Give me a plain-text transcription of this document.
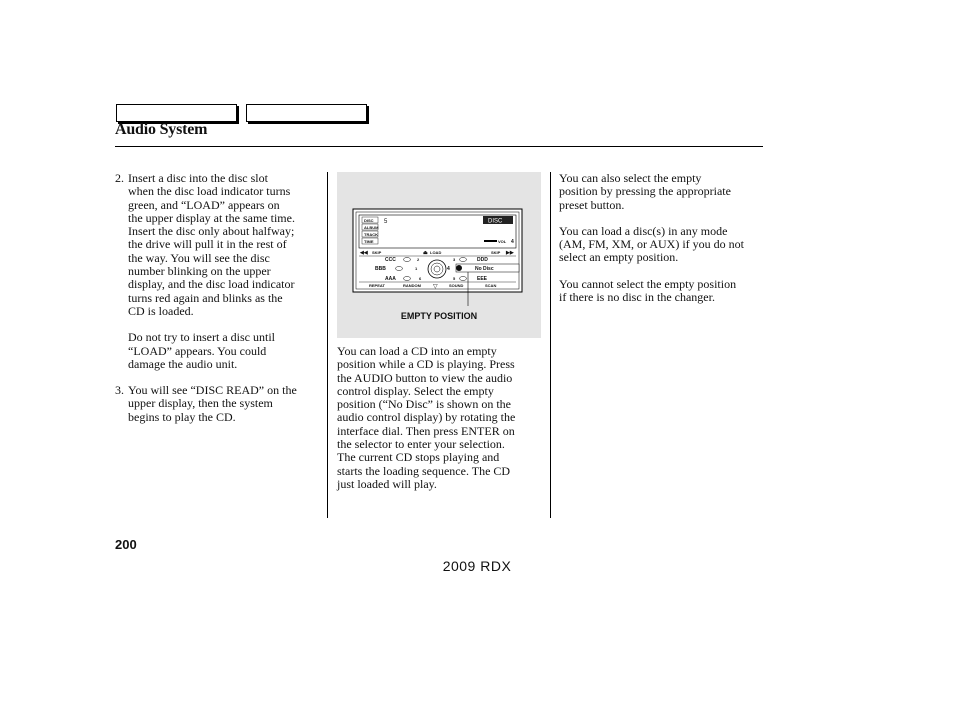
Audio System
2. Insert a disc into the disc slot
when the disc load indicator turns
green, and “LOAD” appears on
the upper display at the same time.
Insert the disc only about halfway;
the drive will pull it in the rest of
the way. You will see the disc
number blinking on the upper
display, and the disc load indicator
turns red again and blinks as the
CD is loaded.
Do not try to insert a disc until
“LOAD” appears. You could
damage the audio unit.
3. You will see “DISC READ” on the
upper display, then the system
begins to play the CD.
DISC
ALBUM
TRACK
TIME
5	DISC
VOL 4
◀◀ SKIP	⏏ LOAD	SKIP ▶▶
CCC	2
BBB	1
AAA	6
DDD
3
No Disc
4
EEE
5
REPEAT	RANDOM ▽	SOUND	SCAN
EMPTY POSITION
You can load a CD into an empty
position while a CD is playing. Press
the AUDIO button to view the audio
control display. Select the empty
position (“No Disc” is shown on the
audio control display) by rotating the
interface dial. Then press ENTER on
the selector to enter your selection.
The current CD stops playing and
starts the loading sequence. The CD
just loaded will play.
You can also select the empty
position by pressing the appropriate
preset button.
You can load a disc(s) in any mode
(AM, FM, XM, or AUX) if you do not
select an empty position.
You cannot select the empty position
if there is no disc in the changer.
200
2009 RDX
